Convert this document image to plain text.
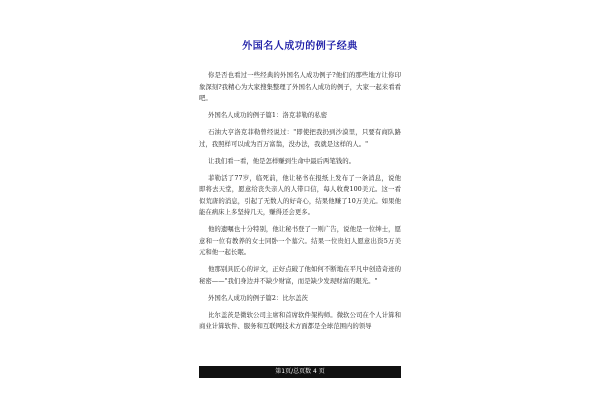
外国名人成功的例子经典

你是否也看过一些经典的外国名人成功例子?他们的那些地方让你印象深刻?我精心为大家搜集整理了外国名人成功的例子，大家一起来看看吧。

外国名人成功的例子篇1：洛克菲勒的私密

石油大亨洛克菲勒曾经说过："即使把我扔到沙漠里，只要有商队路过，我照样可以成为百万富翁，没办法，我就是这样的人。"

让我们看一看，他是怎样赚到生命中最后两笔钱的。

菲勒活了77岁，临死前，他让秘书在报纸上发布了一条消息，说他即将去天堂，愿意给丧失亲人的人带口信，每人收费100美元。这一看似荒唐的消息，引起了无数人的好奇心，结果他赚了10万美元。如果他能在病床上多坚持几天，赚得还会更多。

他的遗嘱也十分特别，他让秘书登了一则广告，说他是一位绅士，愿意和一位有教养的女士同卧一个墓穴。结果一位贵妇人愿意出资5万美元和他一起长眠。

他那别具匠心的评文，正好点破了他如何不断地在平凡中创造奇迹的秘密——"我们身边并不缺少财富，而是缺少发现财富的眼光。"

外国名人成功的例子篇2：比尔盖茨

比尔盖茨是微软公司主席和首席软件架构师。微软公司在个人计算和商业计算软件、服务和互联网技术方面都是全球范围内的领导

第1页/总页数 4 页
